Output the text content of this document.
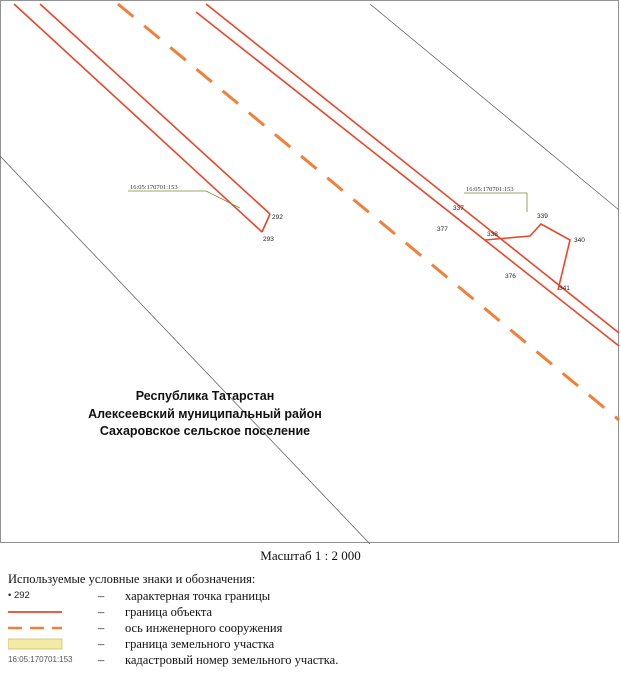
16:05:170701:153	16:05:170701:153
292
293
337
377
338
339
340
376
341
Республика Татарстан
Алексеевский муниципальный район
Сахаровское сельское поселение
Масштаб 1 : 2 000
Используемые условные знаки и обозначения:
• 292	– характерная точка границы
– граница объекта
– ось инженерного сооружения
– граница земельного участка
16:05:170701:153 – кадастровый номер земельного участка.
